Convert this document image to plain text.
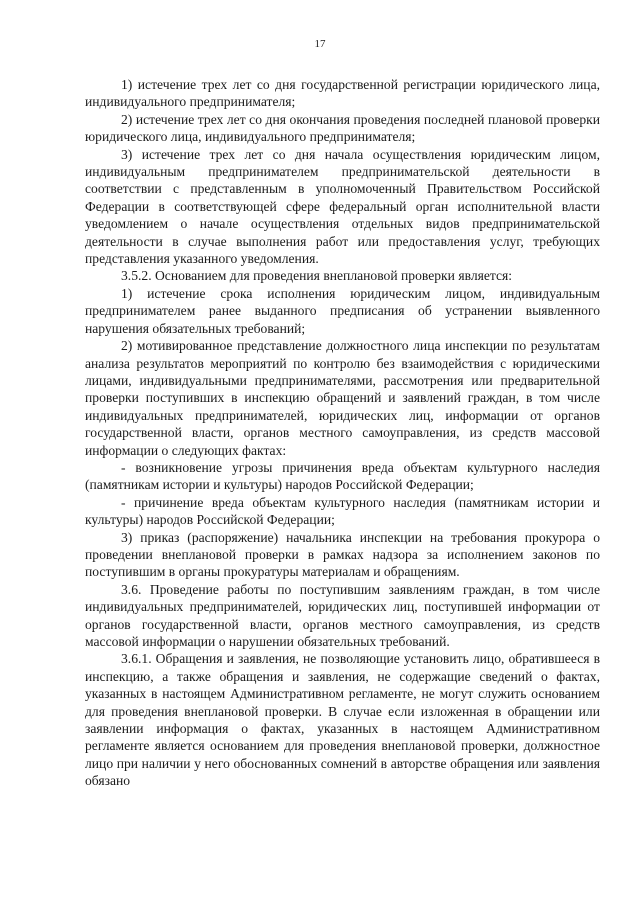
17

1) истечение трех лет со дня государственной регистрации юридического лица, индивидуального предпринимателя;

2) истечение трех лет со дня окончания проведения последней плановой проверки юридического лица, индивидуального предпринимателя;

3) истечение трех лет со дня начала осуществления юридическим лицом, индивидуальным предпринимателем предпринимательской деятельности в соответствии с представленным в уполномоченный Правительством Российской Федерации в соответствующей сфере федеральный орган исполнительной власти уведомлением о начале осуществления отдельных видов предпринимательской деятельности в случае выполнения работ или предоставления услуг, требующих представления указанного уведомления.

3.5.2. Основанием для проведения внеплановой проверки является:

1) истечение срока исполнения юридическим лицом, индивидуальным предпринимателем ранее выданного предписания об устранении выявленного нарушения обязательных требований;

2) мотивированное представление должностного лица инспекции по результатам анализа результатов мероприятий по контролю без взаимодействия с юридическими лицами, индивидуальными предпринимателями, рассмотрения или предварительной проверки поступивших в инспекцию обращений и заявлений граждан, в том числе индивидуальных предпринимателей, юридических лиц, информации от органов государственной власти, органов местного самоуправления, из средств массовой информации о следующих фактах:

- возникновение угрозы причинения вреда объектам культурного наследия (памятникам истории и культуры) народов Российской Федерации;

- причинение вреда объектам культурного наследия (памятникам истории и культуры) народов Российской Федерации;

3) приказ (распоряжение) начальника инспекции на требования прокурора о проведении внеплановой проверки в рамках надзора за исполнением законов по поступившим в органы прокуратуры материалам и обращениям.

3.6. Проведение работы по поступившим заявлениям граждан, в том числе индивидуальных предпринимателей, юридических лиц, поступившей информации от органов государственной власти, органов местного самоуправления, из средств массовой информации о нарушении обязательных требований.

3.6.1. Обращения и заявления, не позволяющие установить лицо, обратившееся в инспекцию, а также обращения и заявления, не содержащие сведений о фактах, указанных в настоящем Административном регламенте, не могут служить основанием для проведения внеплановой проверки. В случае если изложенная в обращении или заявлении информация о фактах, указанных в настоящем Административном регламенте является основанием для проведения внеплановой проверки, должностное лицо при наличии у него обоснованных сомнений в авторстве обращения или заявления обязано
